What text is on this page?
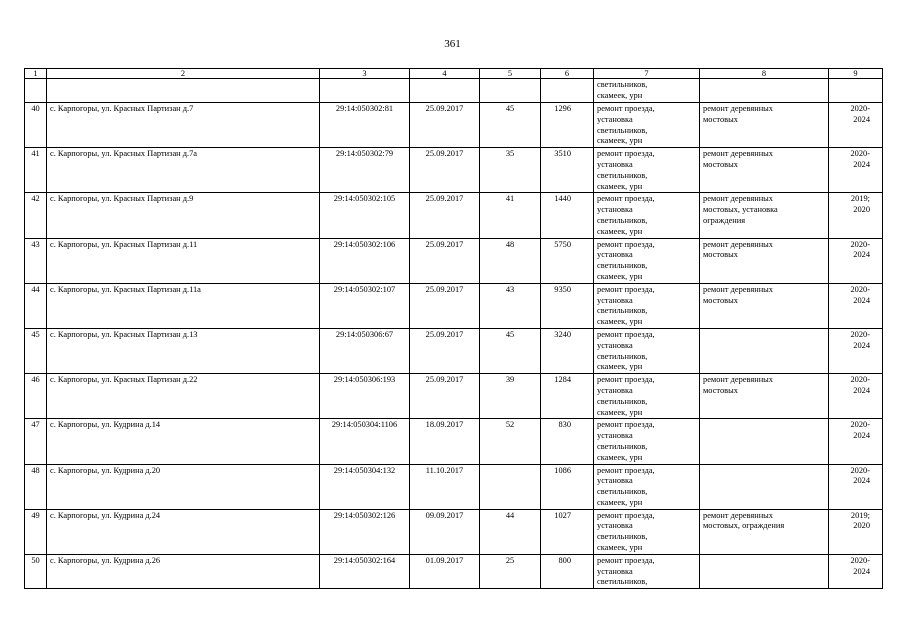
361
1	2	3	4	5	6	7	8	9
						светильников,
скамеек, урн		
40	с. Карпогоры, ул. Красных Партизан д.7	29:14:050302:81	25.09.2017	45	1296	ремонт проезда,
установка
светильников,
скамеек, урн	ремонт деревянных
мостовых	2020-
2024
41	с. Карпогоры, ул. Красных Партизан д.7а	29:14:050302:79	25.09.2017	35	3510	ремонт проезда,
установка
светильников,
скамеек, урн	ремонт деревянных
мостовых	2020-
2024
42	с. Карпогоры, ул. Красных Партизан д.9	29:14:050302:105	25.09.2017	41	1440	ремонт проезда,
установка
светильников,
скамеек, урн	ремонт деревянных
мостовых, установка
ограждения	2019;
2020
43	с. Карпогоры, ул. Красных Партизан д.11	29:14:050302:106	25.09.2017	48	5750	ремонт проезда,
установка
светильников,
скамеек, урн	ремонт деревянных
мостовых	2020-
2024
44	с. Карпогоры, ул. Красных Партизан д.11а	29:14:050302:107	25.09.2017	43	9350	ремонт проезда,
установка
светильников,
скамеек, урн	ремонт деревянных
мостовых	2020-
2024
45	с. Карпогоры, ул. Красных Партизан д.13	29:14:050306:67	25.09.2017	45	3240	ремонт проезда,
установка
светильников,
скамеек, урн		2020-
2024
46	с. Карпогоры, ул. Красных Партизан д.22	29:14:050306:193	25.09.2017	39	1284	ремонт проезда,
установка
светильников,
скамеек, урн	ремонт деревянных
мостовых	2020-
2024
47	с. Карпогоры, ул. Кудрина д.14	29:14:050304:1106	18.09.2017	52	830	ремонт проезда,
установка
светильников,
скамеек, урн		2020-
2024
48	с. Карпогоры, ул. Кудрина д.20	29:14:050304:132	11.10.2017		1086	ремонт проезда,
установка
светильников,
скамеек, урн		2020-
2024
49	с. Карпогоры, ул. Кудрина д.24	29:14:050302:126	09.09.2017	44	1027	ремонт проезда,
установка
светильников,
скамеек, урн	ремонт деревянных
мостовых, ограждения	2019;
2020
50	с. Карпогоры, ул. Кудрина д.26	29:14:050302:164	01.09.2017	25	800	ремонт проезда,
установка
светильников,		2020-
2024
